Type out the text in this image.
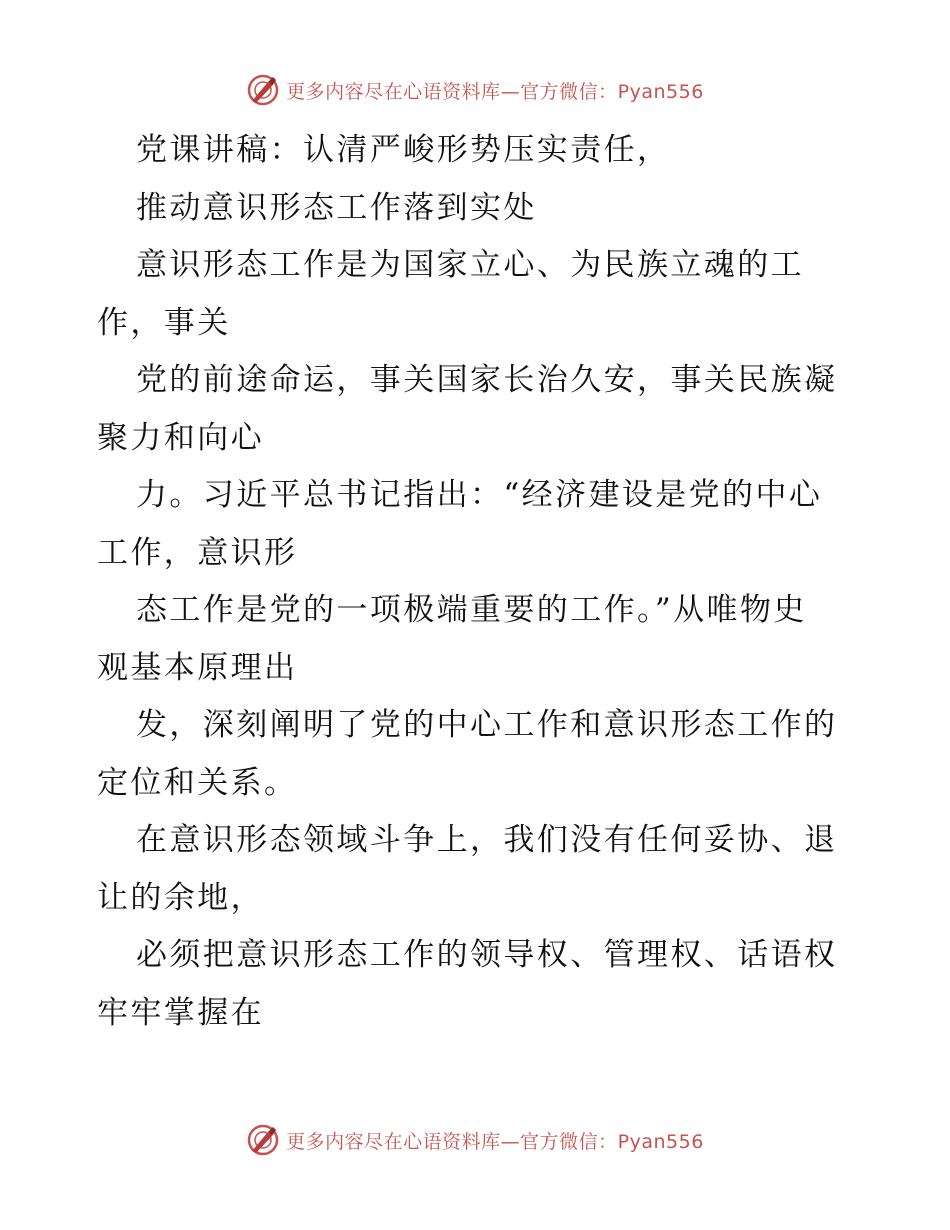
更多内容尽在心语资料库—官方微信：Pyan556
党课讲稿：认清严峻形势压实责任，
推动意识形态工作落到实处
意识形态工作是为国家立心、为民族立魂的工
作，事关
党的前途命运，事关国家长治久安，事关民族凝
聚力和向心
力。习近平总书记指出：“经济建设是党的中心
工作，意识形
态工作是党的一项极端重要的工作。”从唯物史
观基本原理出
发，深刻阐明了党的中心工作和意识形态工作的
定位和关系。
在意识形态领域斗争上，我们没有任何妥协、退
让的余地，
必须把意识形态工作的领导权、管理权、话语权
牢牢掌握在
更多内容尽在心语资料库—官方微信：Pyan556
